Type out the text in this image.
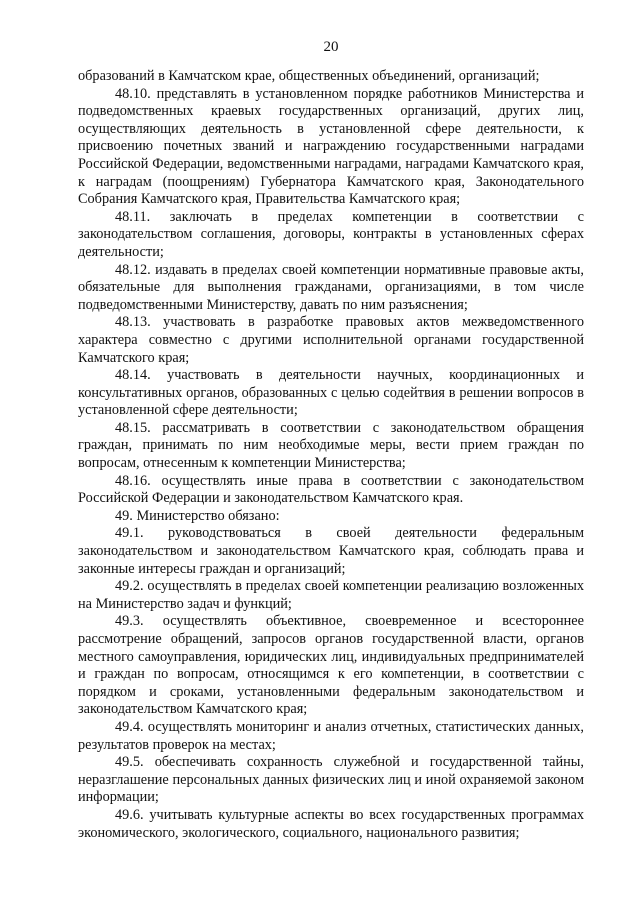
20

образований в Камчатском крае, общественных объединений, организаций;

48.10. представлять в установленном порядке работников Министерства и подведомственных краевых государственных организаций, других лиц, осуществляющих деятельность в установленной сфере деятельности, к присвоению почетных званий и награждению государственными наградами Российской Федерации, ведомственными наградами, наградами Камчатского края, к наградам (поощрениям) Губернатора Камчатского края, Законодательного Собрания Камчатского края, Правительства Камчатского края;

48.11. заключать в пределах компетенции в соответствии с законодательством соглашения, договоры, контракты в установленных сферах деятельности;

48.12. издавать в пределах своей компетенции нормативные правовые акты, обязательные для выполнения гражданами, организациями, в том числе подведомственными Министерству, давать по ним разъяснения;

48.13. участвовать в разработке правовых актов межведомственного характера совместно с другими исполнительной органами государственной Камчатского края;

48.14. участвовать в деятельности научных, координационных и консультативных органов, образованных с целью содейтвия в решении вопросов в установленной сфере деятельности;

48.15. рассматривать в соответствии с законодательством обращения граждан, принимать по ним необходимые меры, вести прием граждан по вопросам, отнесенным к компетенции Министерства;

48.16. осуществлять иные права в соответствии с законодательством Российской Федерации и законодательством Камчатского края.

49. Министерство обязано:

49.1. руководствоваться в своей деятельности федеральным законодательством и законодательством Камчатского края, соблюдать права и законные интересы граждан и организаций;

49.2. осуществлять в пределах своей компетенции реализацию возложенных на Министерство задач и функций;

49.3. осуществлять объективное, своевременное и всестороннее рассмотрение обращений, запросов органов государственной власти, органов местного самоуправления, юридических лиц, индивидуальных предпринимателей и граждан по вопросам, относящимся к его компетенции, в соответствии с порядком и сроками, установленными федеральным законодательством и законодательством Камчатского края;

49.4. осуществлять мониторинг и анализ отчетных, статистических данных, результатов проверок на местах;

49.5. обеспечивать сохранность служебной и государственной тайны, неразглашение персональных данных физических лиц и иной охраняемой законом информации;

49.6. учитывать культурные аспекты во всех государственных программах экономического, экологического, социального, национального развития;
